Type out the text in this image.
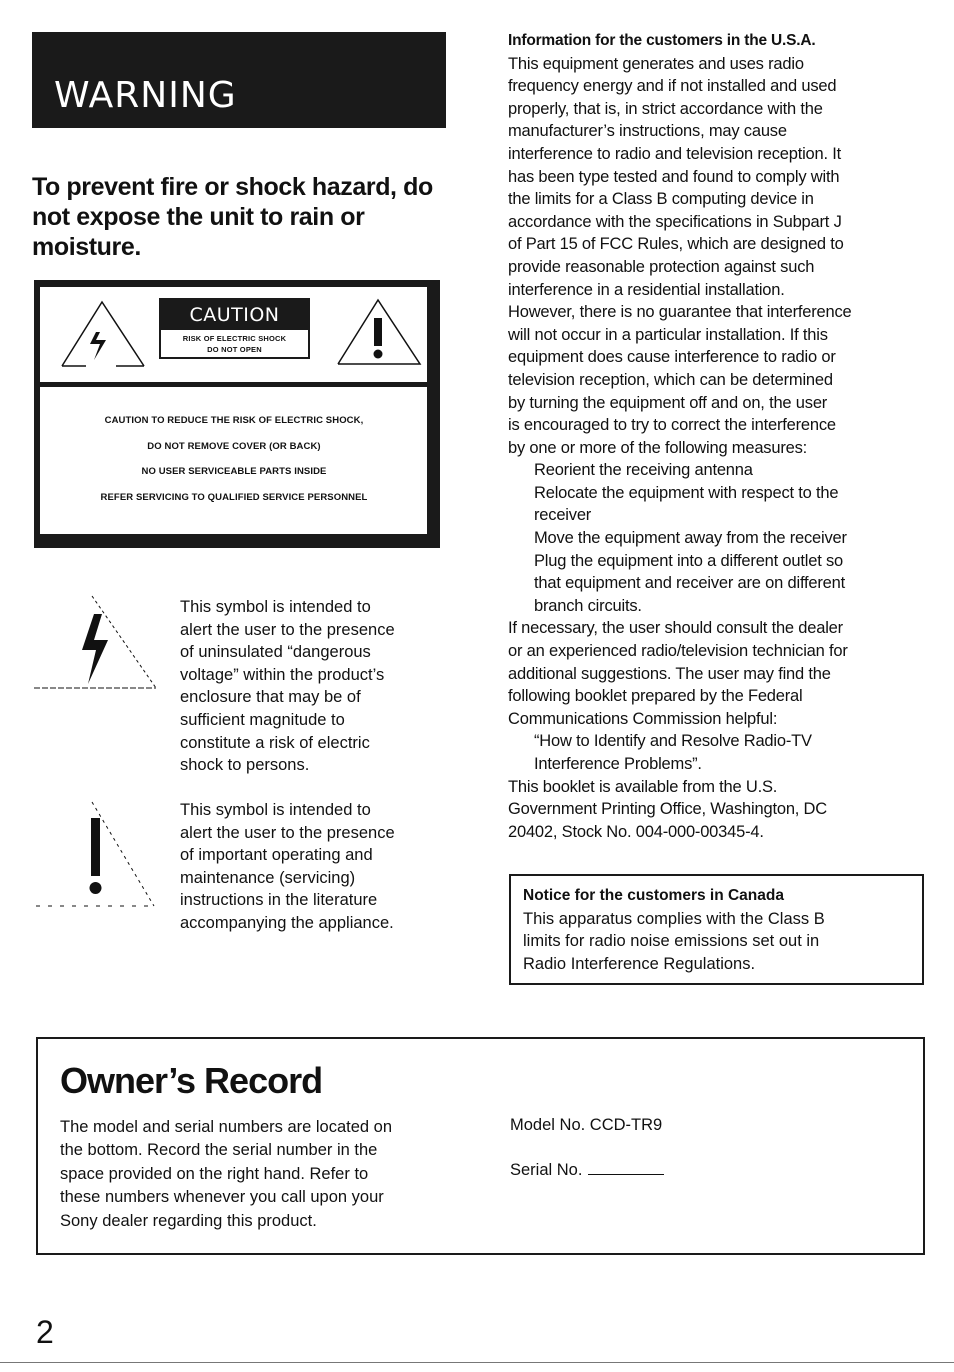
WARNING
To prevent fire or shock hazard, do not expose the unit to rain or moisture.
CAUTION
RISK OF ELECTRIC SHOCK
DO NOT OPEN
CAUTION TO REDUCE THE RISK OF ELECTRIC SHOCK,
DO NOT REMOVE COVER (OR BACK)
NO USER SERVICEABLE PARTS INSIDE
REFER SERVICING TO QUALIFIED SERVICE PERSONNEL
This symbol is intended to
alert the user to the presence
of uninsulated “dangerous
voltage” within the product’s
enclosure that may be of
sufficient magnitude to
constitute a risk of electric
shock to persons.
This symbol is intended to
alert the user to the presence
of important operating and
maintenance (servicing)
instructions in the literature
accompanying the appliance.
Information for the customers in the U.S.A.
This equipment generates and uses radio
frequency energy and if not installed and used
properly, that is, in strict accordance with the
manufacturer’s instructions, may cause
interference to radio and television reception. It
has been type tested and found to comply with
the limits for a Class B computing device in
accordance with the specifications in Subpart J
of Part 15 of FCC Rules, which are designed to
provide reasonable protection against such
interference in a residential installation.
However, there is no guarantee that interference
will not occur in a particular installation. If this
equipment does cause interference to radio or
television reception, which can be determined
by turning the equipment off and on, the user
is encouraged to try to correct the interference
by one or more of the following measures:
Reorient the receiving antenna
Relocate the equipment with respect to the
receiver
Move the equipment away from the receiver
Plug the equipment into a different outlet so
that equipment and receiver are on different
branch circuits.
If necessary, the user should consult the dealer
or an experienced radio/television technician for
additional suggestions. The user may find the
following booklet prepared by the Federal
Communications Commission helpful:
“How to Identify and Resolve Radio-TV
Interference Problems”.
This booklet is available from the U.S.
Government Printing Office, Washington, DC
20402, Stock No. 004-000-00345-4.
Notice for the customers in Canada
This apparatus complies with the Class B
limits for radio noise emissions set out in
Radio Interference Regulations.
Owner’s Record
The model and serial numbers are located on
the bottom. Record the serial number in the
space provided on the right hand. Refer to
these numbers whenever you call upon your
Sony dealer regarding this product.
Model No. CCD-TR9
Serial No.
2
